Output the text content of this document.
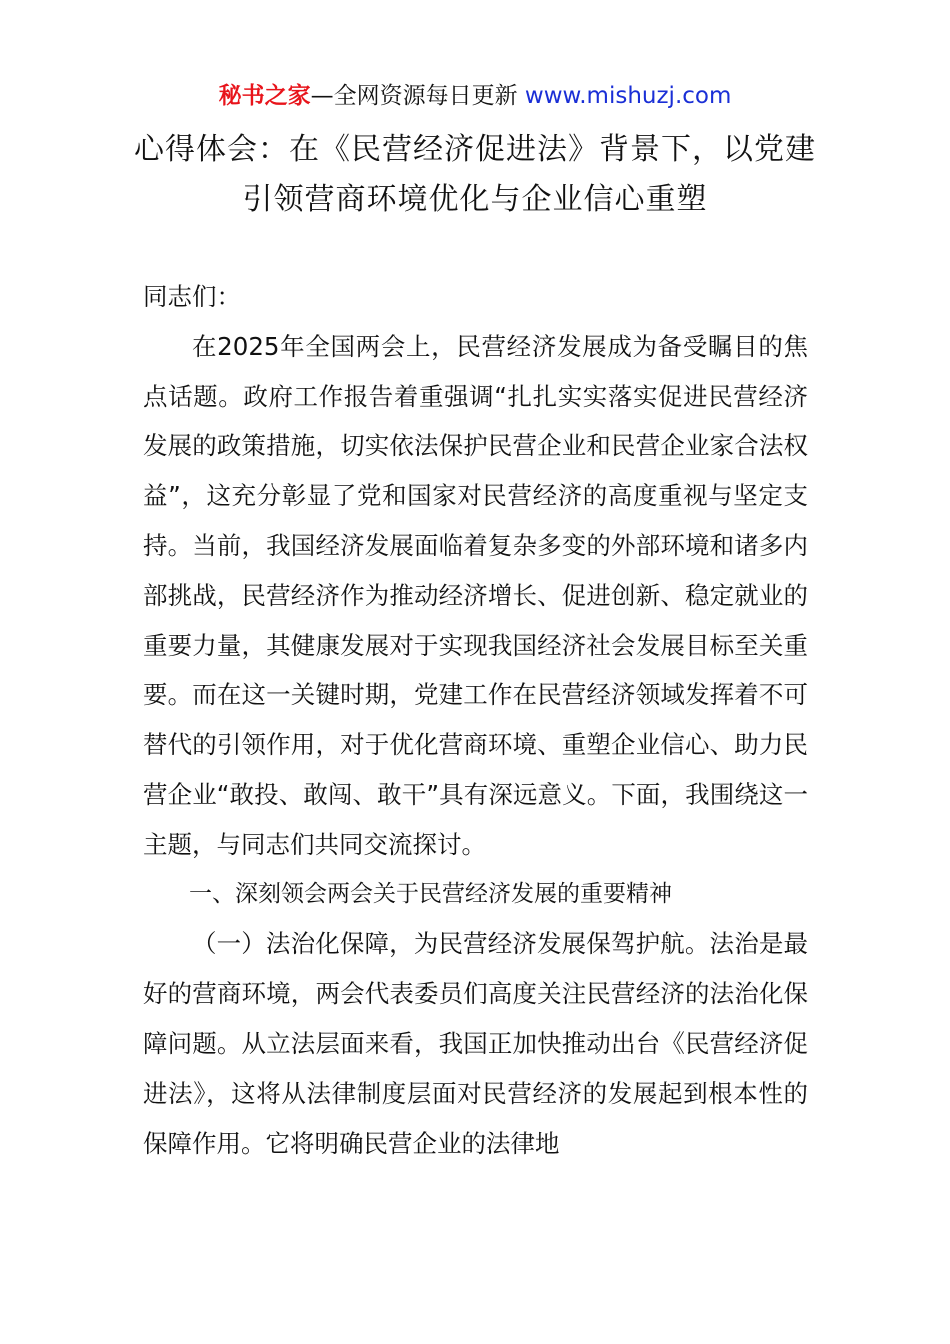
秘书之家—全网资源每日更新 www.mishuzj.com
心得体会：在《民营经济促进法》背景下，以党建引领营商环境优化与企业信心重塑

同志们：

在2025年全国两会上，民营经济发展成为备受瞩目的焦点话题。政府工作报告着重强调“扎扎实实落实促进民营经济发展的政策措施，切实依法保护民营企业和民营企业家合法权益”，这充分彰显了党和国家对民营经济的高度重视与坚定支持。当前，我国经济发展面临着复杂多变的外部环境和诸多内部挑战，民营经济作为推动经济增长、促进创新、稳定就业的重要力量，其健康发展对于实现我国经济社会发展目标至关重要。而在这一关键时期，党建工作在民营经济领域发挥着不可替代的引领作用，对于优化营商环境、重塑企业信心、助力民营企业“敢投、敢闯、敢干”具有深远意义。下面，我围绕这一主题，与同志们共同交流探讨。

一、深刻领会两会关于民营经济发展的重要精神

（一）法治化保障，为民营经济发展保驾护航。法治是最好的营商环境，两会代表委员们高度关注民营经济的法治化保障问题。从立法层面来看，我国正加快推动出台《民营经济促进法》，这将从法律制度层面对民营经济的发展起到根本性的保障作用。它将明确民营企业的法律地
